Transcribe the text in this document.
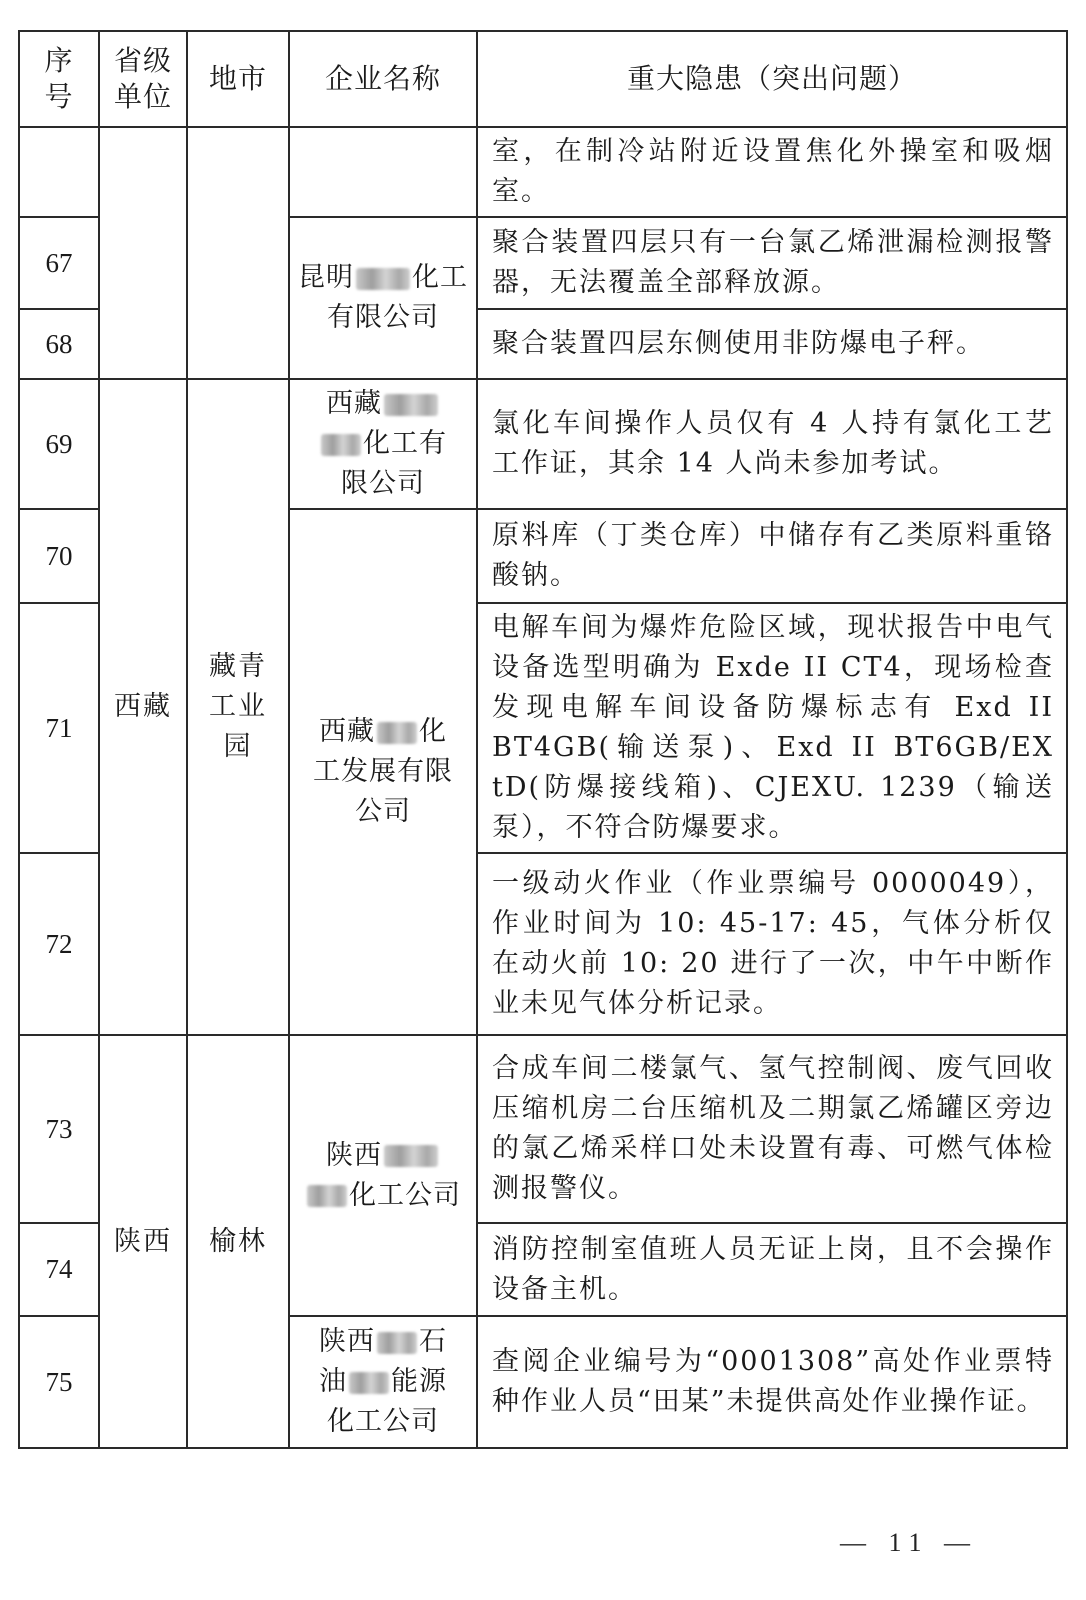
序号	省级单位	地市	企业名称	重大隐患（突出问题）
				室，在制冷站附近设置焦化外操室和吸烟室。
67			昆明 化工有限公司	聚合装置四层只有一台氯乙烯泄漏检测报警器，无法覆盖全部释放源。
68				聚合装置四层东侧使用非防爆电子秤。
69	西藏	藏青工业园	西藏
化工有
限公司	氯化车间操作人员仅有 4 人持有氯化工艺工作证，其余 14 人尚未参加考试。
70			西藏 化
工发展有限
公司	原料库（丁类仓库）中储存有乙类原料重铬酸钠。
71				电解车间为爆炸危险区域，现状报告中电气设备选型明确为 Exde II CT4，现场检查发现电解车间设备防爆标志有 Exd II BT4GB(输送泵)、Exd II BT6GB/EX tD(防爆接线箱)、CJEXU. 1239（输送泵），不符合防爆要求。
72				一级动火作业（作业票编号 0000049），作业时间为 10: 45-17: 45，气体分析仅在动火前 10: 20 进行了一次，中午中断作业未见气体分析记录。
73	陕西	榆林	陕西
化工公司	合成车间二楼氯气、氢气控制阀、废气回收压缩机房二台压缩机及二期氯乙烯罐区旁边的氯乙烯采样口处未设置有毒、可燃气体检测报警仪。
74				消防控制室值班人员无证上岗，且不会操作设备主机。
75			陕西 石
油 能源
化工公司	查阅企业编号为“0001308”高处作业票特种作业人员“田某”未提供高处作业操作证。
— 11 —
